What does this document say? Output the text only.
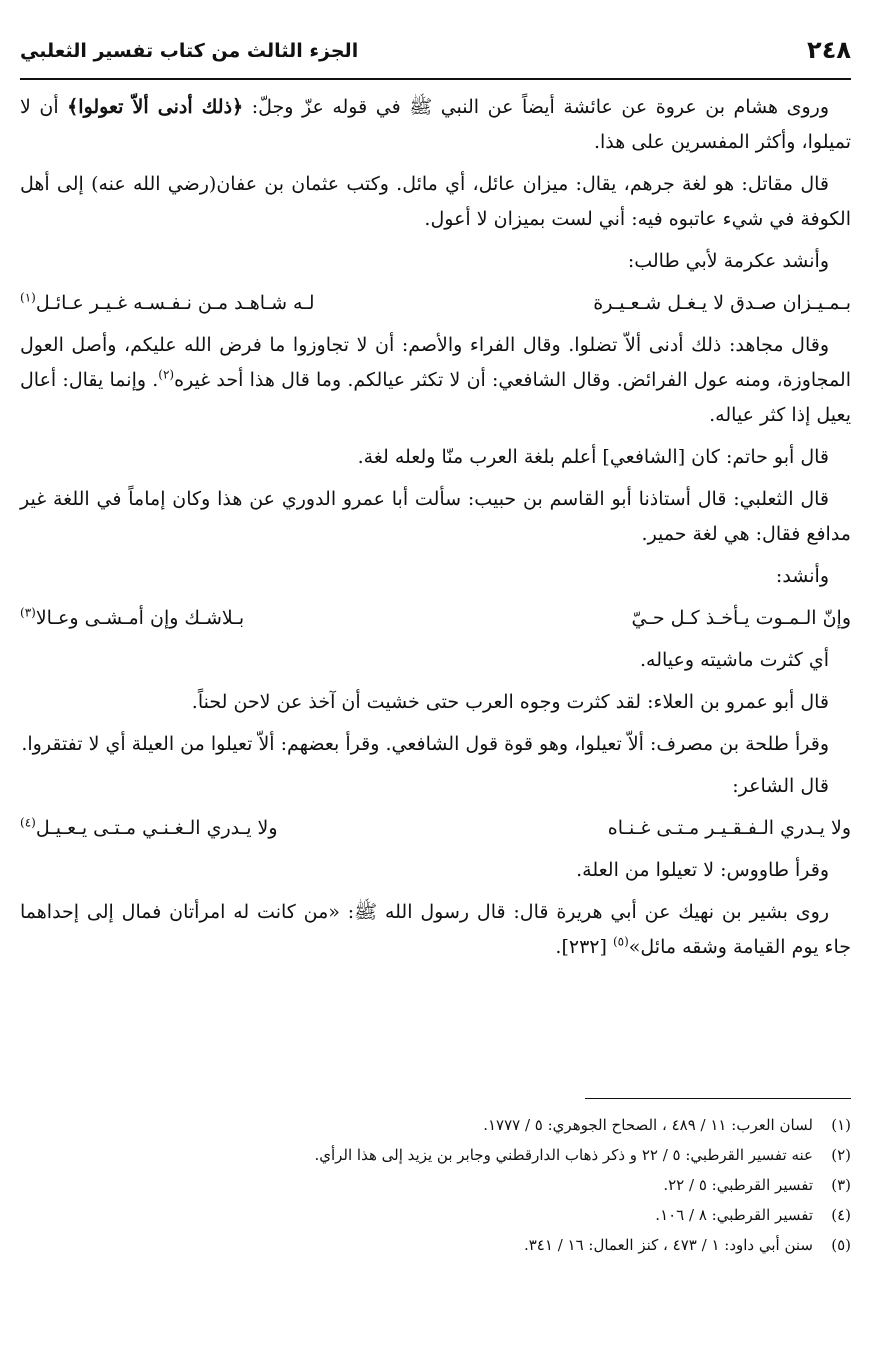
الجزء الثالث من كتاب تفسير الثعلبي	٢٤٨
وروى هشام بن عروة عن عائشة أيضاً عن النبي ﷺ في قوله عزّ وجلّ: ﴿ذلك أدنى ألاّ تعولوا﴾ أن لا تميلوا، وأكثر المفسرين على هذا.
قال مقاتل: هو لغة جرهم، يقال: ميزان عائل، أي مائل. وكتب عثمان بن عفان(رضي الله عنه) إلى أهل الكوفة في شيء عاتبوه فيه: أني لست بميزان لا أعول.
وأنشد عكرمة لأبي طالب:
بـمـيـزان صـدق لا يـغـل شـعـيـرة
لـه شـاهـد مـن نـفـسـه غـيـر عـائـل$^{(١)}$
وقال مجاهد: ذلك أدنى ألاّ تضلوا. وقال الفراء والأصم: أن لا تجاوزوا ما فرض الله عليكم، وأصل العول المجاوزة، ومنه عول الفرائض. وقال الشافعي: أن لا تكثر عيالكم. وما قال هذا أحد غيره$^{(٢)}$. وإنما يقال: أعال يعيل إذا كثر عياله.
قال أبو حاتم: كان [الشافعي] أعلم بلغة العرب منّا ولعله لغة.
قال الثعلبي: قال أستاذنا أبو القاسم بن حبيب: سألت أبا عمرو الدوري عن هذا وكان إماماً في اللغة غير مدافع فقال: هي لغة حمير.
وأنشد:
وإنّ الـمـوت يـأخـذ كـل حـيّ
بـلاشـك وإن أمـشـى وعـالا$^{(٣)}$
أي كثرت ماشيته وعياله.
قال أبو عمرو بن العلاء: لقد كثرت وجوه العرب حتى خشيت أن آخذ عن لاحن لحناً.
وقرأ طلحة بن مصرف: ألاّ تعيلوا، وهو قوة قول الشافعي. وقرأ بعضهم: ألاّ تعيلوا من العيلة أي لا تفتقروا.
قال الشاعر:
ولا يـدري الـفـقـيـر مـتـى غـنـاه
ولا يـدري الـغـنـي مـتـى يـعـيـل$^{(٤)}$
وقرأ طاووس: لا تعيلوا من العلة.
روى بشير بن نهيك عن أبي هريرة قال: قال رسول الله ﷺ: «من كانت له امرأتان فمال إلى إحداهما جاء يوم القيامة وشقه مائل»$^{(٥)}$ [٢٣٢].
(١)
لسان العرب: ١١ / ٤٨٩ ، الصحاح الجوهري: ٥ / ١٧٧٧.
(٢)
عنه تفسير القرطبي: ٥ / ٢٢ و ذكر ذهاب الدارقطني وجابر بن يزيد إلى هذا الرأي.
(٣)
تفسير القرطبي: ٥ / ٢٢.
(٤)
تفسير القرطبي: ٨ / ١٠٦.
(٥)
سنن أبي داود: ١ / ٤٧٣ ، كنز العمال: ١٦ / ٣٤١.
